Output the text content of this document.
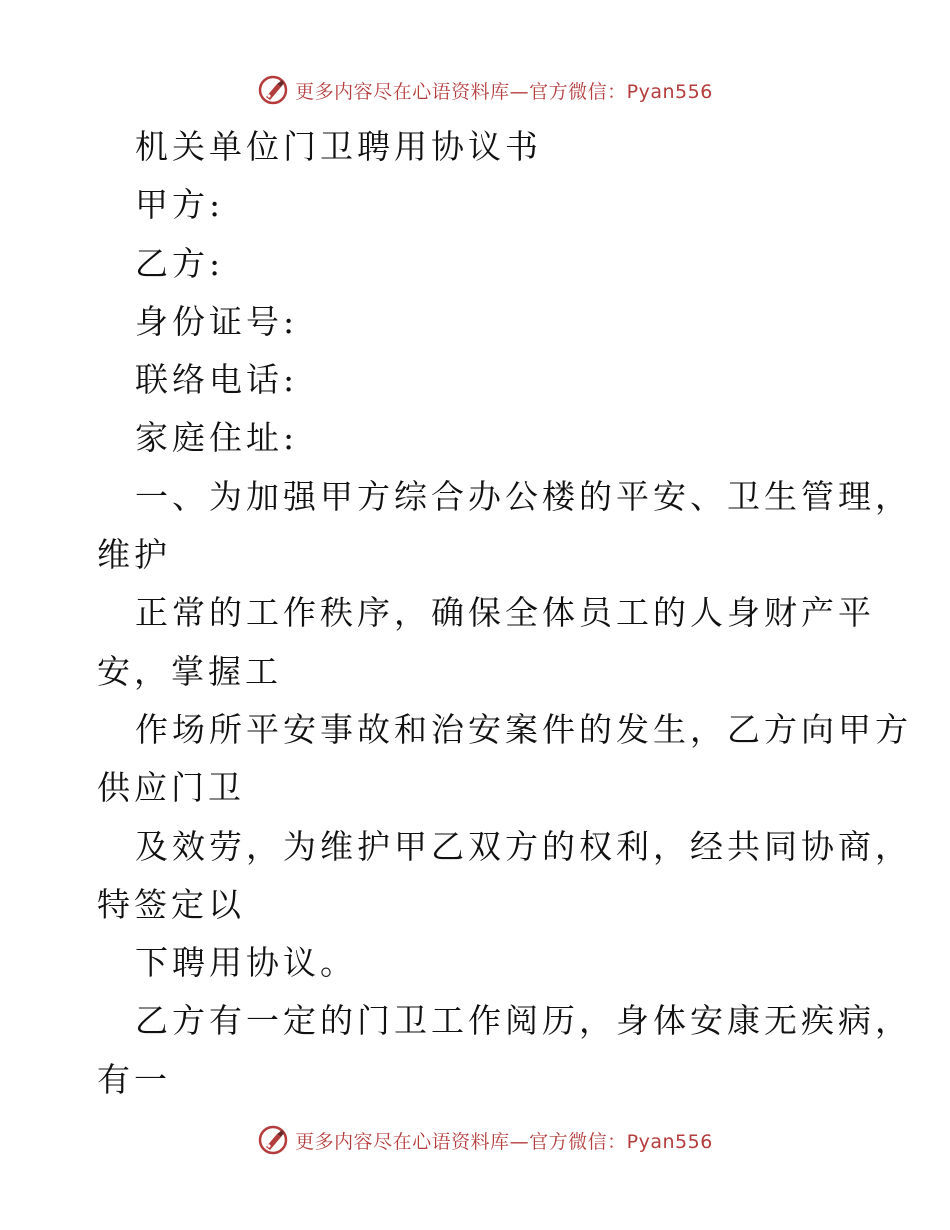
更多内容尽在心语资料库—官方微信：Pyan556
机关单位门卫聘用协议书
甲方:
乙方:
身份证号:
联络电话:
家庭住址:
一、为加强甲方综合办公楼的平安、卫生管理，
维护
正常的工作秩序，确保全体员工的人身财产平
安，掌握工
作场所平安事故和治安案件的发生，乙方向甲方
供应门卫
及效劳，为维护甲乙双方的权利，经共同协商，
特签定以
下聘用协议。
乙方有一定的门卫工作阅历，身体安康无疾病，
有一
更多内容尽在心语资料库—官方微信：Pyan556
